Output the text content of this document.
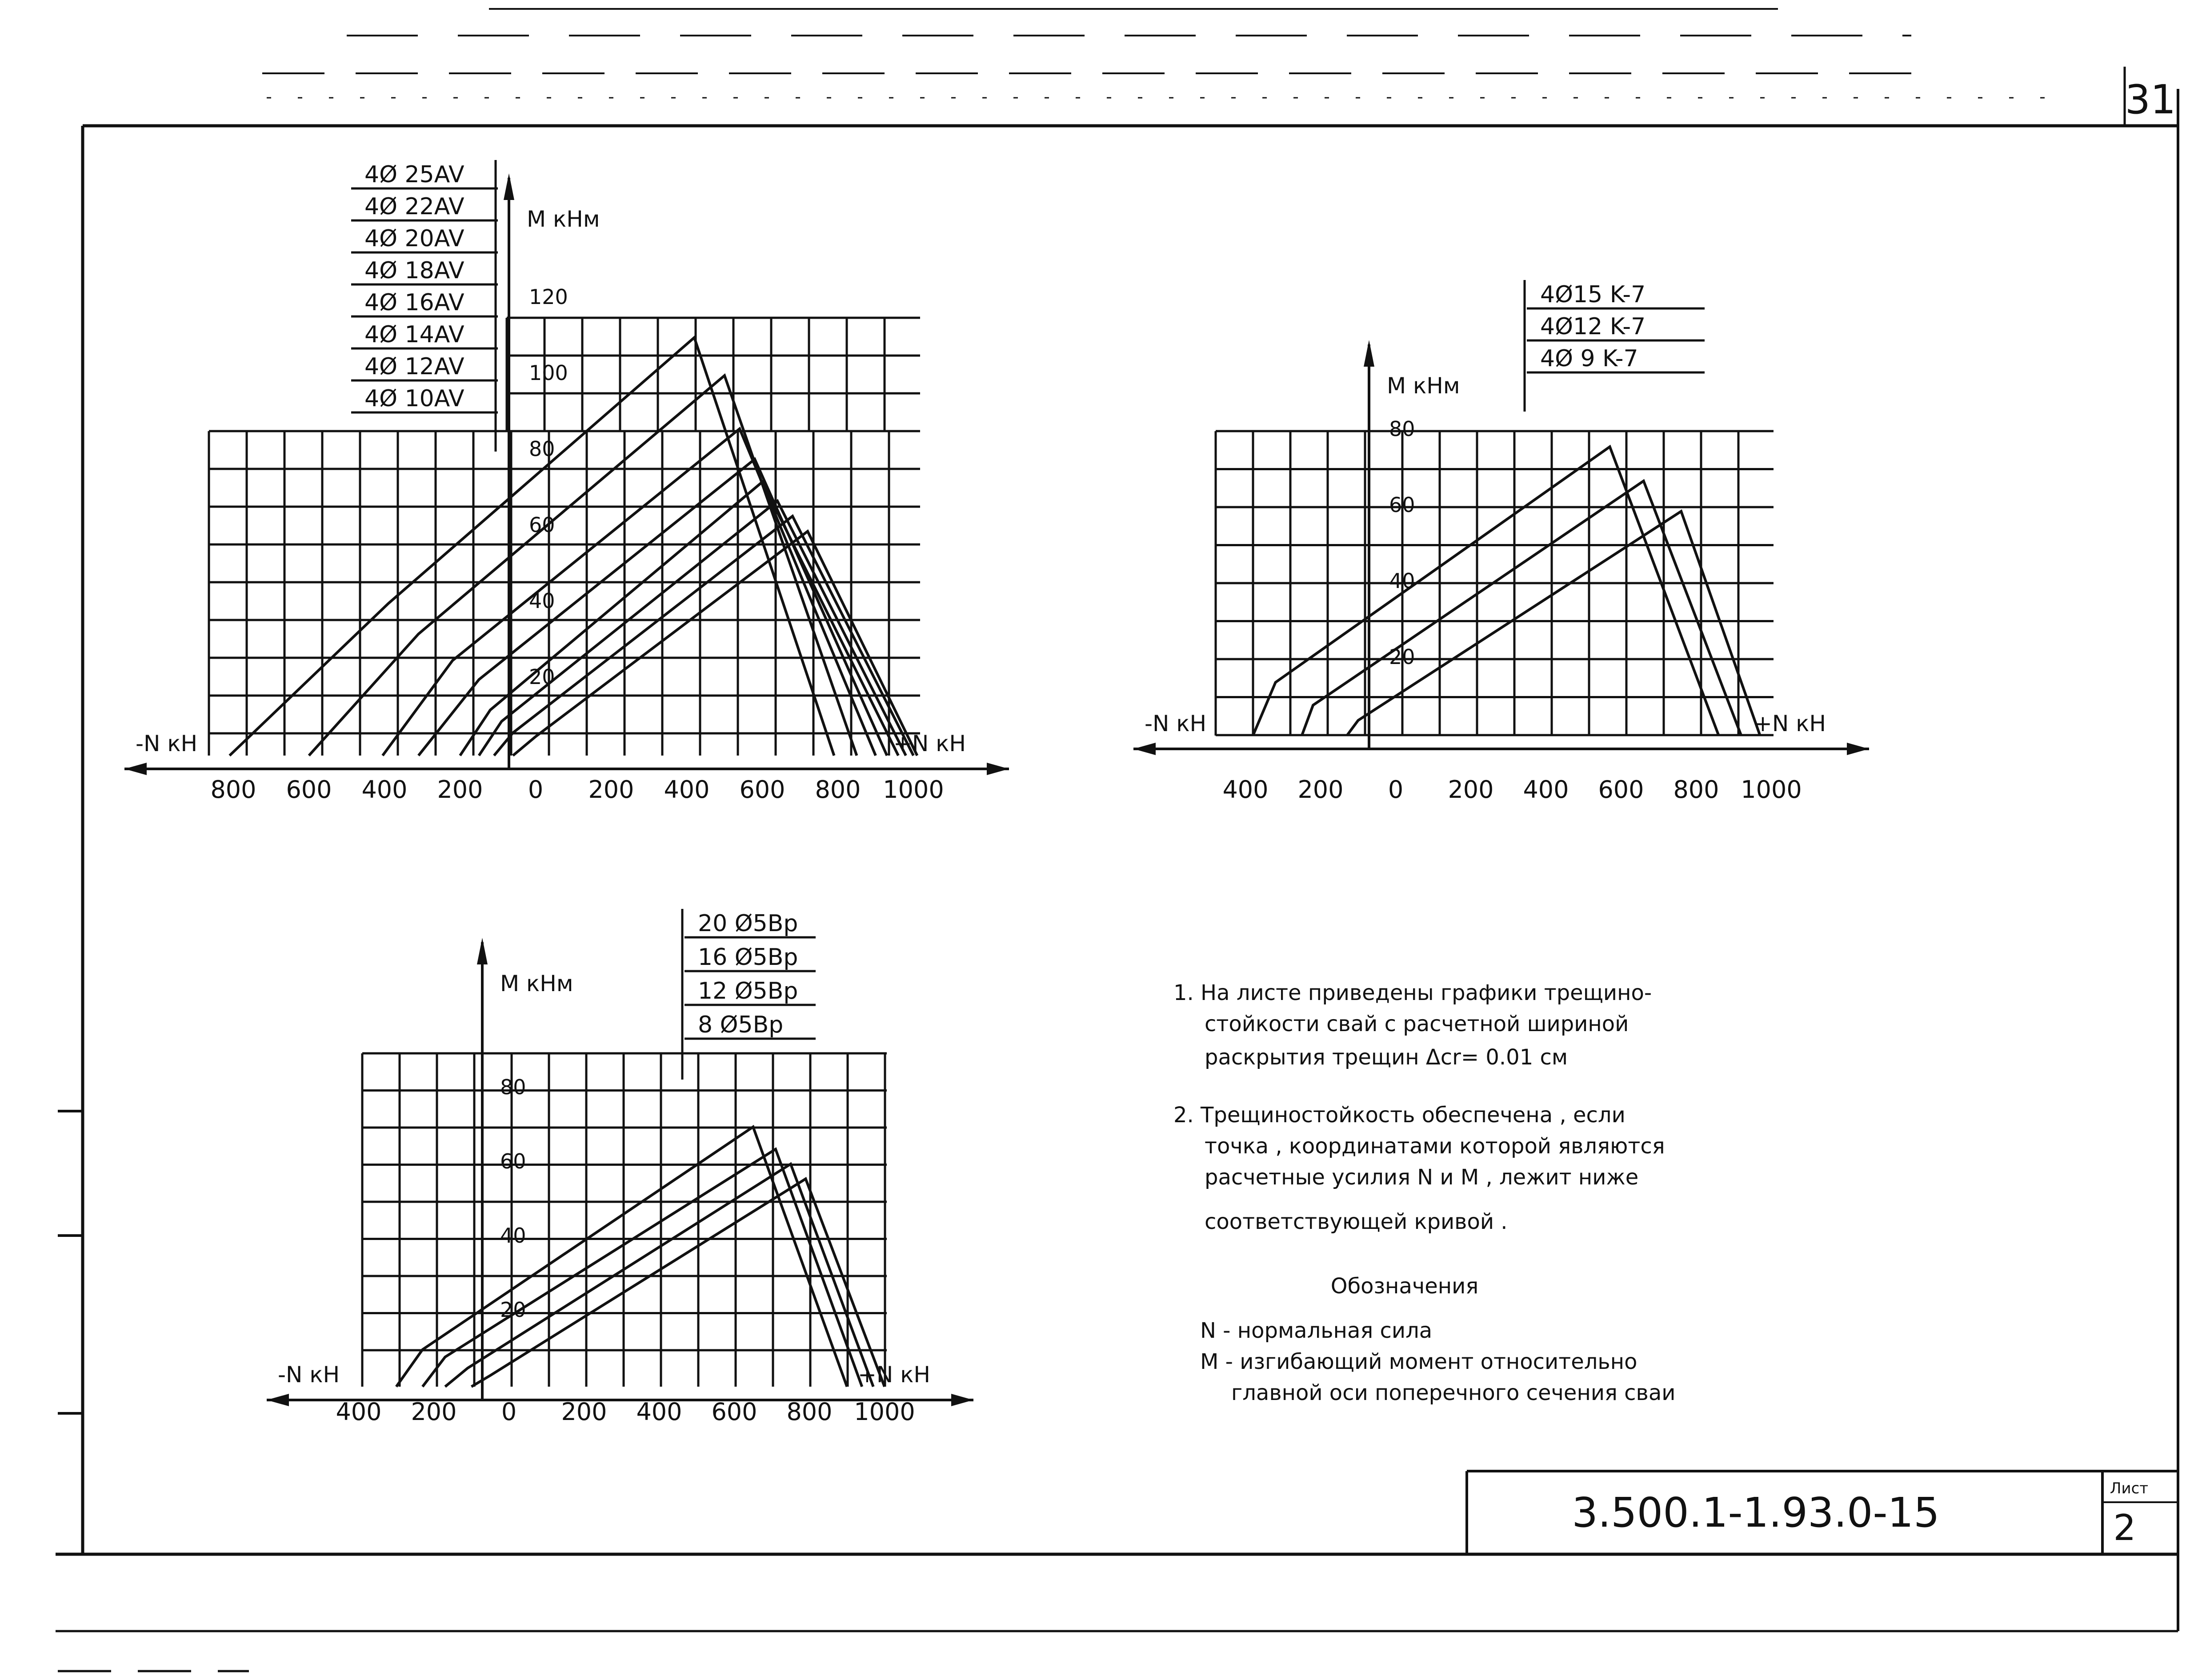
31
3.500.1-1.93.0-15
Лист
2
M кНм
-N кН	+N кН
800 600 400 200 0 200 400 600 800 1000
20
40
60
80
100
120
4Ø 25AV
4Ø 22AV
4Ø 20AV
4Ø 18AV
4Ø 16AV
4Ø 14AV
4Ø 12AV
4Ø 10AV	M кНм
-N кН	+N кН
400 200 0 200 400 600 800 1000
20
40
60
80
4Ø15 K-7
4Ø12 K-7
4Ø 9 K-7
M кНм
-N кН	+N кН
400 200 0 200 400 600 800 1000
20
40
60
80
20 Ø5Bp
16 Ø5Bp
12 Ø5Bp
8 Ø5Bp
1. На листе приведены графики трещино-
стойкости свай с расчетной шириной
раскрытия трещин Δcr= 0.01 см
2. Трещиностойкость обеспечена , если
точка , координатами которой являются
расчетные усилия N и M , лежит ниже
соответствующей кривой .
Обозначения
N - нормальная сила
M - изгибающий момент относительно
главной оси поперечного сечения сваи
